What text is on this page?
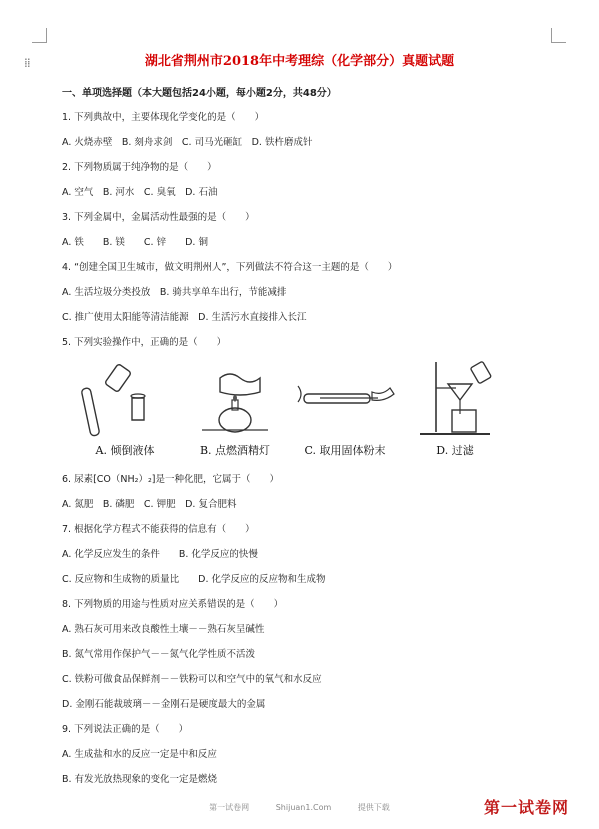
⁞⁞	湖北省荆州市2018年中考理综（化学部分）真题试题
一、单项选择题（本大题包括24小题，每小题2分，共48分）
1. 下列典故中，主要体现化学变化的是（　　）
A. 火烧赤壁　B. 刻舟求剑　C. 司马光砸缸　D. 铁杵磨成针
2. 下列物质属于纯净物的是（　　）
A. 空气　B. 河水　C. 臭氧　D. 石油
3. 下列金属中，金属活动性最强的是（　　）
A. 铁　　B. 镁　　C. 锌　　D. 铜
4. “创建全国卫生城市，做文明荆州人”，下列做法不符合这一主题的是（　　）
A. 生活垃圾分类投放　B. 骑共享单车出行，节能减排
C. 推广使用太阳能等清洁能源　D. 生活污水直接排入长江
5. 下列实验操作中，正确的是（　　）
A. 倾倒液体	B. 点燃酒精灯	C. 取用固体粉末	D. 过滤
6. 尿素[CO（NH₂）₂]是一种化肥，它属于（　　）
A. 氮肥　B. 磷肥　C. 钾肥　D. 复合肥料
7. 根据化学方程式不能获得的信息有（　　）
A. 化学反应发生的条件　　B. 化学反应的快慢
C. 反应物和生成物的质量比　　D. 化学反应的反应物和生成物
8. 下列物质的用途与性质对应关系错误的是（　　）
A. 熟石灰可用来改良酸性土壤－－熟石灰呈碱性
B. 氮气常用作保护气－－氮气化学性质不活泼
C. 铁粉可做食品保鲜剂－－铁粉可以和空气中的氧气和水反应
D. 金刚石能裁玻璃－－金刚石是硬度最大的金属
9. 下列说法正确的是（　　）
A. 生成盐和水的反应一定是中和反应
B. 有发光放热现象的变化一定是燃烧
第一试卷网	Shijuan1.Com	提供下载	第一试卷网
